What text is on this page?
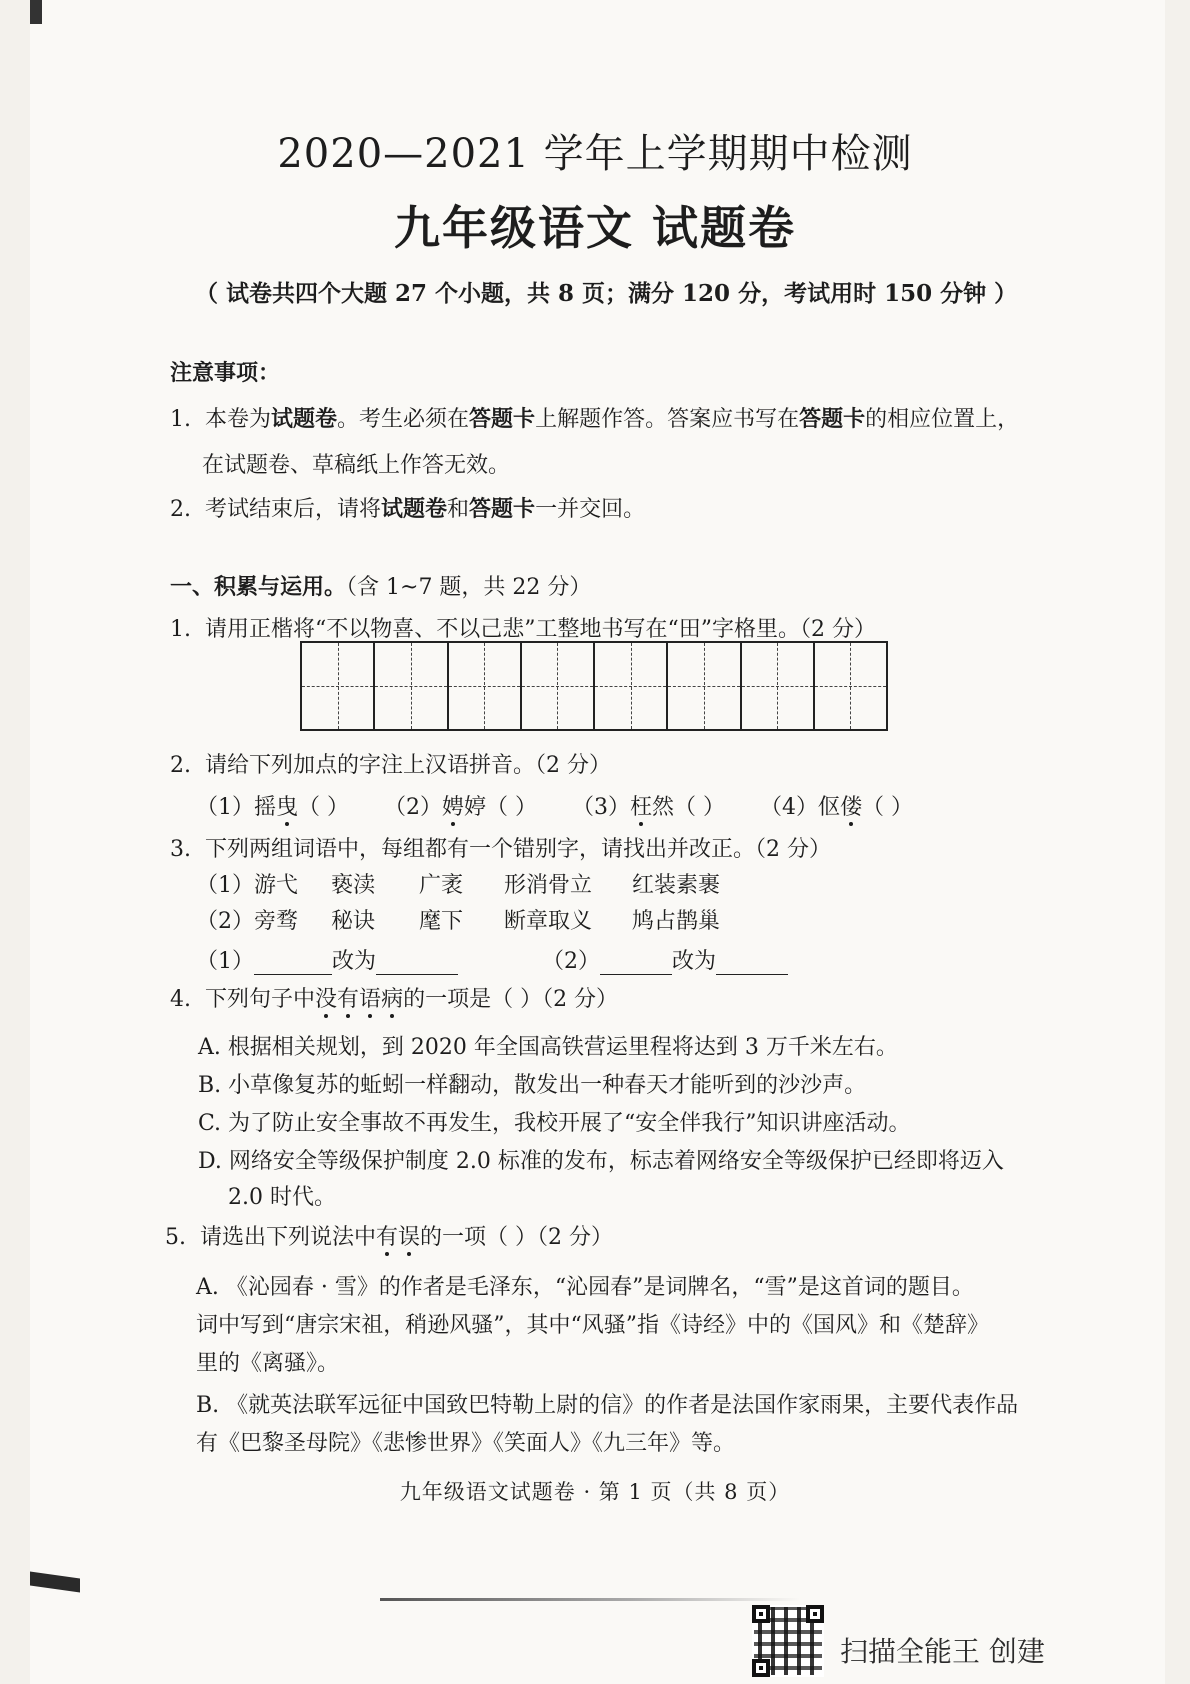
2020—2021 学年上学期期中检测
九年级语文 试题卷
（ 试卷共四个大题 27 个小题，共 8 页；满分 120 分，考试用时 150 分钟 ）
注意事项：
1. 本卷为试题卷。考生必须在答题卡上解题作答。答案应书写在答题卡的相应位置上，
在试题卷、草稿纸上作答无效。
2. 考试结束后，请将试题卷和答题卡一并交回。
一、积累与运用。（含 1~7 题，共 22 分）
1. 请用正楷将“不以物喜、不以己悲”工整地书写在“田”字格里。（2 分）
2. 请给下列加点的字注上汉语拼音。（2 分）
（1）摇曳（ ） （2）娉婷（ ） （3）枉然（ ） （4）伛偻（ ）
3. 下列两组词语中，每组都有一个错别字，请找出并改正。（2 分）
（1）游弋 亵渎 广袤 形消骨立 红装素裹
（2）旁骛 秘诀 麾下 断章取义 鸠占鹊巢
（1）	改为	（2）	改为
4. 下列句子中没有语病的一项是（ ）（2 分）
A. 根据相关规划，到 2020 年全国高铁营运里程将达到 3 万千米左右。
B. 小草像复苏的蚯蚓一样翻动，散发出一种春天才能听到的沙沙声。
C. 为了防止安全事故不再发生，我校开展了“安全伴我行”知识讲座活动。
D. 网络安全等级保护制度 2.0 标准的发布，标志着网络安全等级保护已经即将迈入
2.0 时代。
5. 请选出下列说法中有误的一项（ ）（2 分）
A. 《沁园春 · 雪》的作者是毛泽东，“沁园春”是词牌名，“雪”是这首词的题目。
词中写到“唐宗宋祖，稍逊风骚”，其中“风骚”指《诗经》中的《国风》和《楚辞》
里的《离骚》。
B. 《就英法联军远征中国致巴特勒上尉的信》的作者是法国作家雨果，主要代表作品
有《巴黎圣母院》《悲惨世界》《笑面人》《九三年》等。
九年级语文试题卷 · 第 1 页（共 8 页）
扫描全能王 创建
